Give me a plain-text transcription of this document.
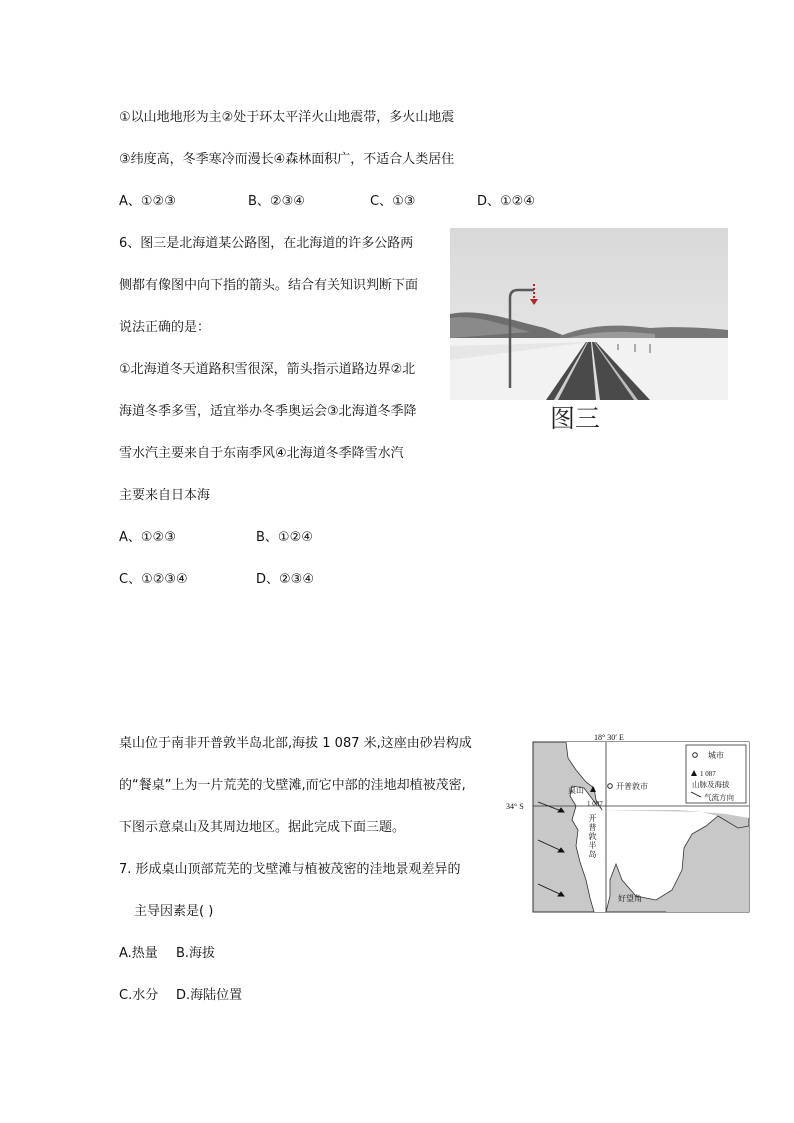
①以山地地形为主②处于环太平洋火山地震带，多火山地震
③纬度高，冬季寒冷而漫长④森林面积广，不适合人类居住
A、①②③	B、②③④	C、①③	D、①②④
6、图三是北海道某公路图，在北海道的许多公路两
侧都有像图中向下指的箭头。结合有关知识判断下面
说法正确的是：
①北海道冬天道路积雪很深，箭头指示道路边界②北
海道冬季多雪，适宜举办冬季奥运会③北海道冬季降
雪水汽主要来自于东南季风④北海道冬季降雪水汽
主要来自日本海
A、①②③	B、①②④
C、①②③④	D、②③④
图三
桌山位于南非开普敦半岛北部,海拔 1 087 米,这座由砂岩构成
的“餐桌”上为一片荒芜的戈壁滩,而它中部的洼地却植被茂密,
下图示意桌山及其周边地区。据此完成下面三题。
7. 形成桌山顶部荒芜的戈壁滩与植被茂密的洼地景观差异的
主导因素是( )
A.热量 B.海拔
C.水分 D.海陆位置
18° 30′ E
34° S
桌山
1 087
开普敦市
好望角
城市
1 087
山脉及海拔
气流方向
开普敦半岛
